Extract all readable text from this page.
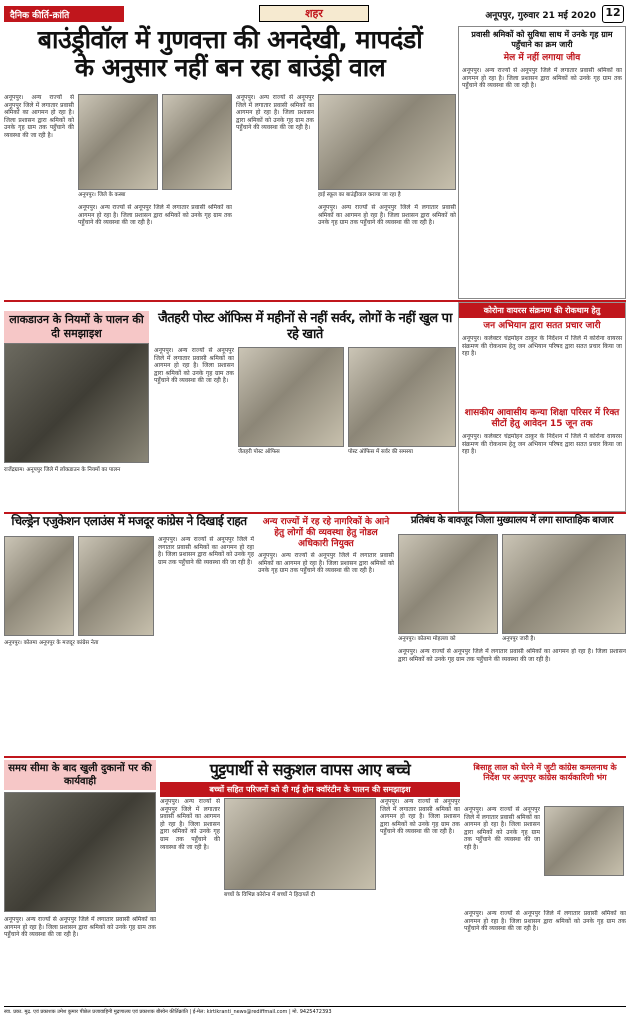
दैनिक कीर्ति-क्रांति	शहर	अनूपपुर, गुरुवार 21 मई 2020 12
बाउंड्रीवॉल में गुणवत्ता की अनदेखी, मापदंडों
के अनुसार नहीं बन रहा बाउंड्री वाल
अनूपपुर। अन्य राज्यों से अनूपपुर जिले में लगातार प्रवासी श्रमिकों का आगमन हो रहा है। जिला प्रशासन द्वारा श्रमिकों को उनके गृह ग्राम तक पहुँचाने की व्यवस्था की जा रही है।
अनूपपुर। अन्य राज्यों से अनूपपुर जिले में लगातार प्रवासी श्रमिकों का आगमन हो रहा है। जिला प्रशासन द्वारा श्रमिकों को उनके गृह ग्राम तक पहुँचाने की व्यवस्था की जा रही है।
अनूपपुर। जिले के कस्बा	हाई स्कूल का बाउंड्रीवाल कराया जा रहा है
अनूपपुर। अन्य राज्यों से अनूपपुर जिले में लगातार प्रवासी श्रमिकों का आगमन हो रहा है। जिला प्रशासन द्वारा श्रमिकों को उनके गृह ग्राम तक पहुँचाने की व्यवस्था की जा रही है।
अनूपपुर। अन्य राज्यों से अनूपपुर जिले में लगातार प्रवासी श्रमिकों का आगमन हो रहा है। जिला प्रशासन द्वारा श्रमिकों को उनके गृह ग्राम तक पहुँचाने की व्यवस्था की जा रही है।
प्रवासी श्रमिकों को सुविधा साथ में उनके गृह ग्राम पहुँचाने का क्रम जारी
मेल में नहीं लगाया जीव
अनूपपुर। अन्य राज्यों से अनूपपुर जिले में लगातार प्रवासी श्रमिकों का आगमन हो रहा है। जिला प्रशासन द्वारा श्रमिकों को उनके गृह ग्राम तक पहुँचाने की व्यवस्था की जा रही है।
लाकडाउन के नियमों के पालन की दी समझाइश
राजेंद्रग्राम। अनूपपुर जिले में लॉकडाउन के नियमों का पालन
जैतहरी पोस्ट ऑफिस में महीनों से नहीं सर्वर, लोगों के नहीं खुल पा रहे खाते
अनूपपुर। अन्य राज्यों से अनूपपुर जिले में लगातार प्रवासी श्रमिकों का आगमन हो रहा है। जिला प्रशासन द्वारा श्रमिकों को उनके गृह ग्राम तक पहुँचाने की व्यवस्था की जा रही है।
जैतहरी पोस्ट ऑफिस	पोस्ट ऑफिस में सर्वर की समस्या
कोरोना वायरस संक्रमण की रोकथाम हेतु
जन अभियान द्वारा सतत प्रचार जारी
अनूपपुर। कलेक्टर चंद्रमोहन ठाकुर के निर्देशन में जिले में कोरोना वायरस संक्रमण की रोकथाम हेतु जन अभियान परिषद द्वारा सतत प्रचार किया जा रहा है।
शासकीय आवासीय कन्या शिक्षा परिसर में रिक्त सीटों हेतु आवेदन 15 जून तक
अनूपपुर। कलेक्टर चंद्रमोहन ठाकुर के निर्देशन में जिले में कोरोना वायरस संक्रमण की रोकथाम हेतु जन अभियान परिषद द्वारा सतत प्रचार किया जा रहा है।
चिल्ड्रेन एजुकेशन एलाउंस में मजदूर कांग्रेस ने दिखाई राहत
अनूपपुर। कोतमा अनूपपुर के मजदूर कांग्रेस नेता
अनूपपुर। अन्य राज्यों से अनूपपुर जिले में लगातार प्रवासी श्रमिकों का आगमन हो रहा है। जिला प्रशासन द्वारा श्रमिकों को उनके गृह ग्राम तक पहुँचाने की व्यवस्था की जा रही है।
अन्य राज्यों में रह रहे नागरिकों के आने हेतु लोगों की व्यवस्था हेतु नोडल अधिकारी नियुक्त
अनूपपुर। अन्य राज्यों से अनूपपुर जिले में लगातार प्रवासी श्रमिकों का आगमन हो रहा है। जिला प्रशासन द्वारा श्रमिकों को उनके गृह ग्राम तक पहुँचाने की व्यवस्था की जा रही है।
प्रतिबंध के बावजूद जिला मुख्यालय में लगा साप्ताहिक बाजार
अनूपपुर। कोतमा मोहल्ला को	अनूपपुर जारी है।
अनूपपुर। अन्य राज्यों से अनूपपुर जिले में लगातार प्रवासी श्रमिकों का आगमन हो रहा है। जिला प्रशासन द्वारा श्रमिकों को उनके गृह ग्राम तक पहुँचाने की व्यवस्था की जा रही है।
समय सीमा के बाद खुली दुकानों पर की कार्यवाही
अनूपपुर। अन्य राज्यों से अनूपपुर जिले में लगातार प्रवासी श्रमिकों का आगमन हो रहा है। जिला प्रशासन द्वारा श्रमिकों को उनके गृह ग्राम तक पहुँचाने की व्यवस्था की जा रही है।
पुट्टपार्थी से सकुशल वापस आए बच्चे
बच्चों सहित परिजनों को दी गई होम क्वॉरंटीन के पालन की समझाइश
अनूपपुर। अन्य राज्यों से अनूपपुर जिले में लगातार प्रवासी श्रमिकों का आगमन हो रहा है। जिला प्रशासन द्वारा श्रमिकों को उनके गृह ग्राम तक पहुँचाने की व्यवस्था की जा रही है।
बच्चों के विभिन्न कोरोना में बच्चों ने हिदायतें दी
अनूपपुर। अन्य राज्यों से अनूपपुर जिले में लगातार प्रवासी श्रमिकों का आगमन हो रहा है। जिला प्रशासन द्वारा श्रमिकों को उनके गृह ग्राम तक पहुँचाने की व्यवस्था की जा रही है।
बिसाहू लाल को घेरने में जुटी कांग्रेस कमलनाथ के निर्देश पर अनूपपुर कांग्रेस कार्यकारिणी भंग
अनूपपुर। अन्य राज्यों से अनूपपुर जिले में लगातार प्रवासी श्रमिकों का आगमन हो रहा है। जिला प्रशासन द्वारा श्रमिकों को उनके गृह ग्राम तक पहुँचाने की व्यवस्था की जा रही है।
अनूपपुर। अन्य राज्यों से अनूपपुर जिले में लगातार प्रवासी श्रमिकों का आगमन हो रहा है। जिला प्रशासन द्वारा श्रमिकों को उनके गृह ग्राम तक पहुँचाने की व्यवस्था की जा रही है।
स्वा. प्रका. मुद्र. एवं प्रकाशक उमेश कुमार पीछेल प्रजावाहिनी मुद्रणालय एवं प्रकाशक बीस्वेन कीर्तिक्रांति | ई-मेल: kirtikranti_news@rediffmail.com | मो. 9425472393
